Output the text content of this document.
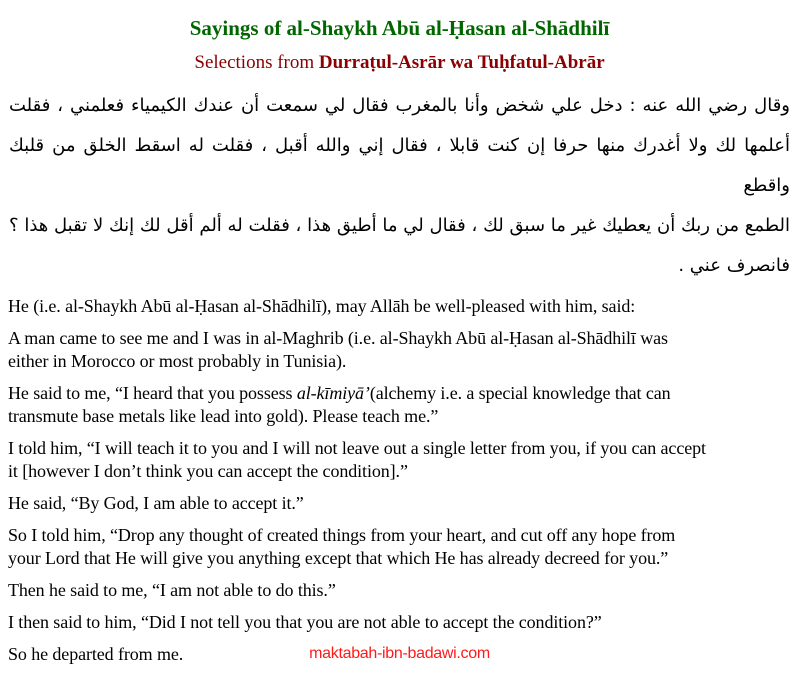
Sayings of al-Shaykh Abū al-Ḥasan al-Shādhilī
Selections from Durraṭul-Asrār wa Tuḥfatul-Abrār
وقال رضي الله عنه : دخل علي شخض وأنا بالمغرب فقال لي سمعت أن عندك الكيمياء فعلمني ، فقلت
أعلمها لك ولا أغدرك منها حرفا إن كنت قابلا ، فقال إني والله أقبل ، فقلت له اسقط الخلق من قلبك واقطع
الطمع من ربك أن يعطيك غير ما سبق لك ، فقال لي ما أطيق هذا ، فقلت له ألم أقل لك إنك لا تقبل هذا ؟
فانصرف عني .

He (i.e. al-Shaykh Abū al-Ḥasan al-Shādhilī), may Allāh be well-pleased with him, said:

A man came to see me and I was in al-Maghrib (i.e. al-Shaykh Abū al-Ḥasan al-Shādhilī was
either in Morocco or most probably in Tunisia).

He said to me, “I heard that you possess al-kīmiyā’(alchemy i.e. a special knowledge that can
transmute base metals like lead into gold). Please teach me.”

I told him, “I will teach it to you and I will not leave out a single letter from you, if you can accept
it [however I don’t think you can accept the condition].”

He said, “By God, I am able to accept it.”

So I told him, “Drop any thought of created things from your heart, and cut off any hope from
your Lord that He will give you anything except that which He has already decreed for you.”

Then he said to me, “I am not able to do this.”

I then said to him, “Did I not tell you that you are not able to accept the condition?”

So he departed from me.	maktabah-ibn-badawi.com
